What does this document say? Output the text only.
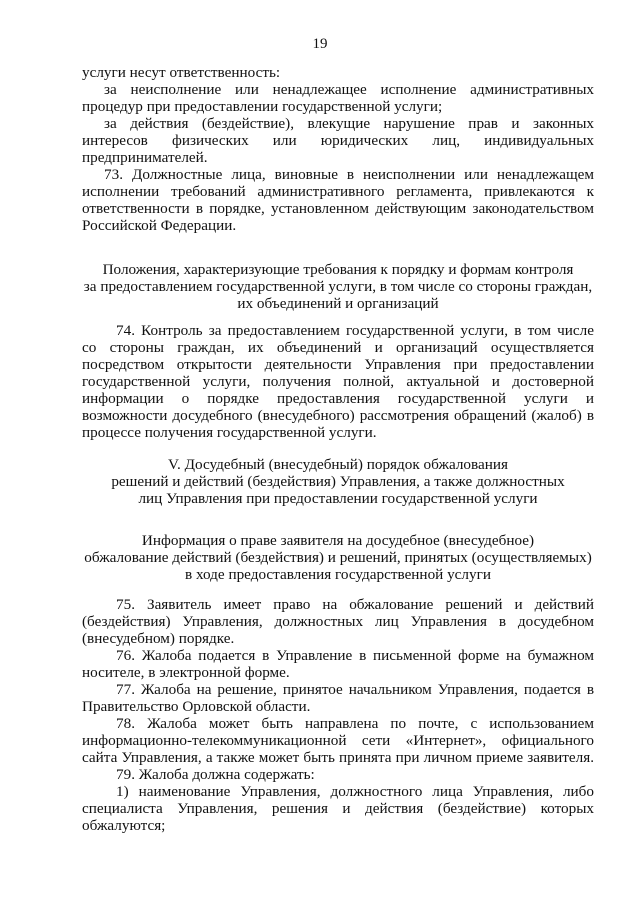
19
услуги несут ответственность:
за неисполнение или ненадлежащее исполнение административных
процедур при предоставлении государственной услуги;
за действия (бездействие), влекущие нарушение прав и законных
интересов физических или юридических лиц, индивидуальных
предпринимателей.
73. Должностные лица, виновные в неисполнении или ненадлежащем
исполнении требований административного регламента, привлекаются к
ответственности в порядке, установленном действующим законодательством
Российской Федерации.
Положения, характеризующие требования к порядку и формам контроля
за предоставлением государственной услуги, в том числе со стороны граждан,
их объединений и организаций
74. Контроль за предоставлением государственной услуги, в том числе
со стороны граждан, их объединений и организаций осуществляется
посредством открытости деятельности Управления при предоставлении
государственной услуги, получения полной, актуальной и достоверной
информации о порядке предоставления государственной услуги и
возможности досудебного (внесудебного) рассмотрения обращений (жалоб) в
процессе получения государственной услуги.
V. Досудебный (внесудебный) порядок обжалования
решений и действий (бездействия) Управления, а также должностных
лиц Управления при предоставлении государственной услуги
Информация о праве заявителя на досудебное (внесудебное)
обжалование действий (бездействия) и решений, принятых (осуществляемых)
в ходе предоставления государственной услуги
75. Заявитель имеет право на обжалование решений и действий
(бездействия) Управления, должностных лиц Управления в досудебном
(внесудебном) порядке.
76. Жалоба подается в Управление в письменной форме на бумажном
носителе, в электронной форме.
77. Жалоба на решение, принятое начальником Управления, подается в
Правительство Орловской области.
78. Жалоба может быть направлена по почте, с использованием
информационно-телекоммуникационной сети «Интернет», официального
сайта Управления, а также может быть принята при личном приеме заявителя.
79. Жалоба должна содержать:
1) наименование Управления, должностного лица Управления, либо
специалиста Управления, решения и действия (бездействие) которых
обжалуются;
